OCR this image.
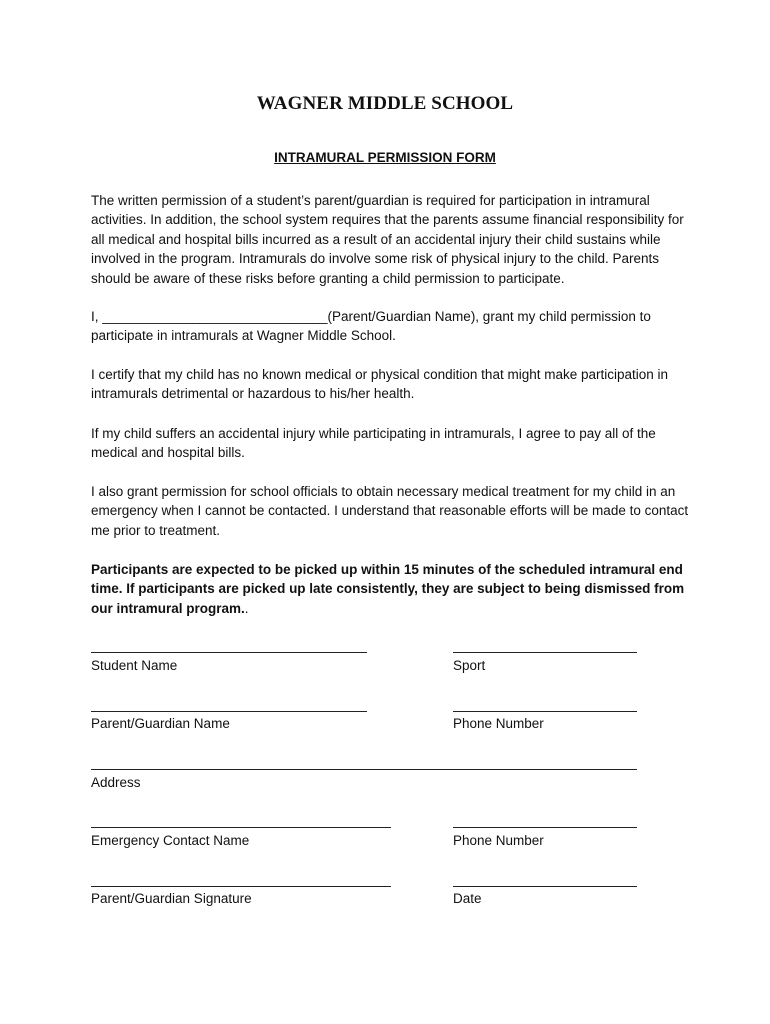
WAGNER MIDDLE SCHOOL
INTRAMURAL PERMISSION FORM

The written permission of a student’s parent/guardian is required for participation in intramural activities. In addition, the school system requires that the parents assume financial responsibility for all medical and hospital bills incurred as a result of an accidental injury their child sustains while involved in the program. Intramurals do involve some risk of physical injury to the child. Parents should be aware of these risks before granting a child permission to participate.

I, ______________________________(Parent/Guardian Name), grant my child permission to participate in intramurals at Wagner Middle School.

I certify that my child has no known medical or physical condition that might make participation in intramurals detrimental or hazardous to his/her health.

If my child suffers an accidental injury while participating in intramurals, I agree to pay all of the medical and hospital bills.

I also grant permission for school officials to obtain necessary medical treatment for my child in an emergency when I cannot be contacted. I understand that reasonable efforts will be made to contact me prior to treatment.

Participants are expected to be picked up within 15 minutes of the scheduled intramural end time. If participants are picked up late consistently, they are subject to being dismissed from our intramural program..

Student Name	Sport
Parent/Guardian Name	Phone Number
Address
Emergency Contact Name	Phone Number
Parent/Guardian Signature	Date
